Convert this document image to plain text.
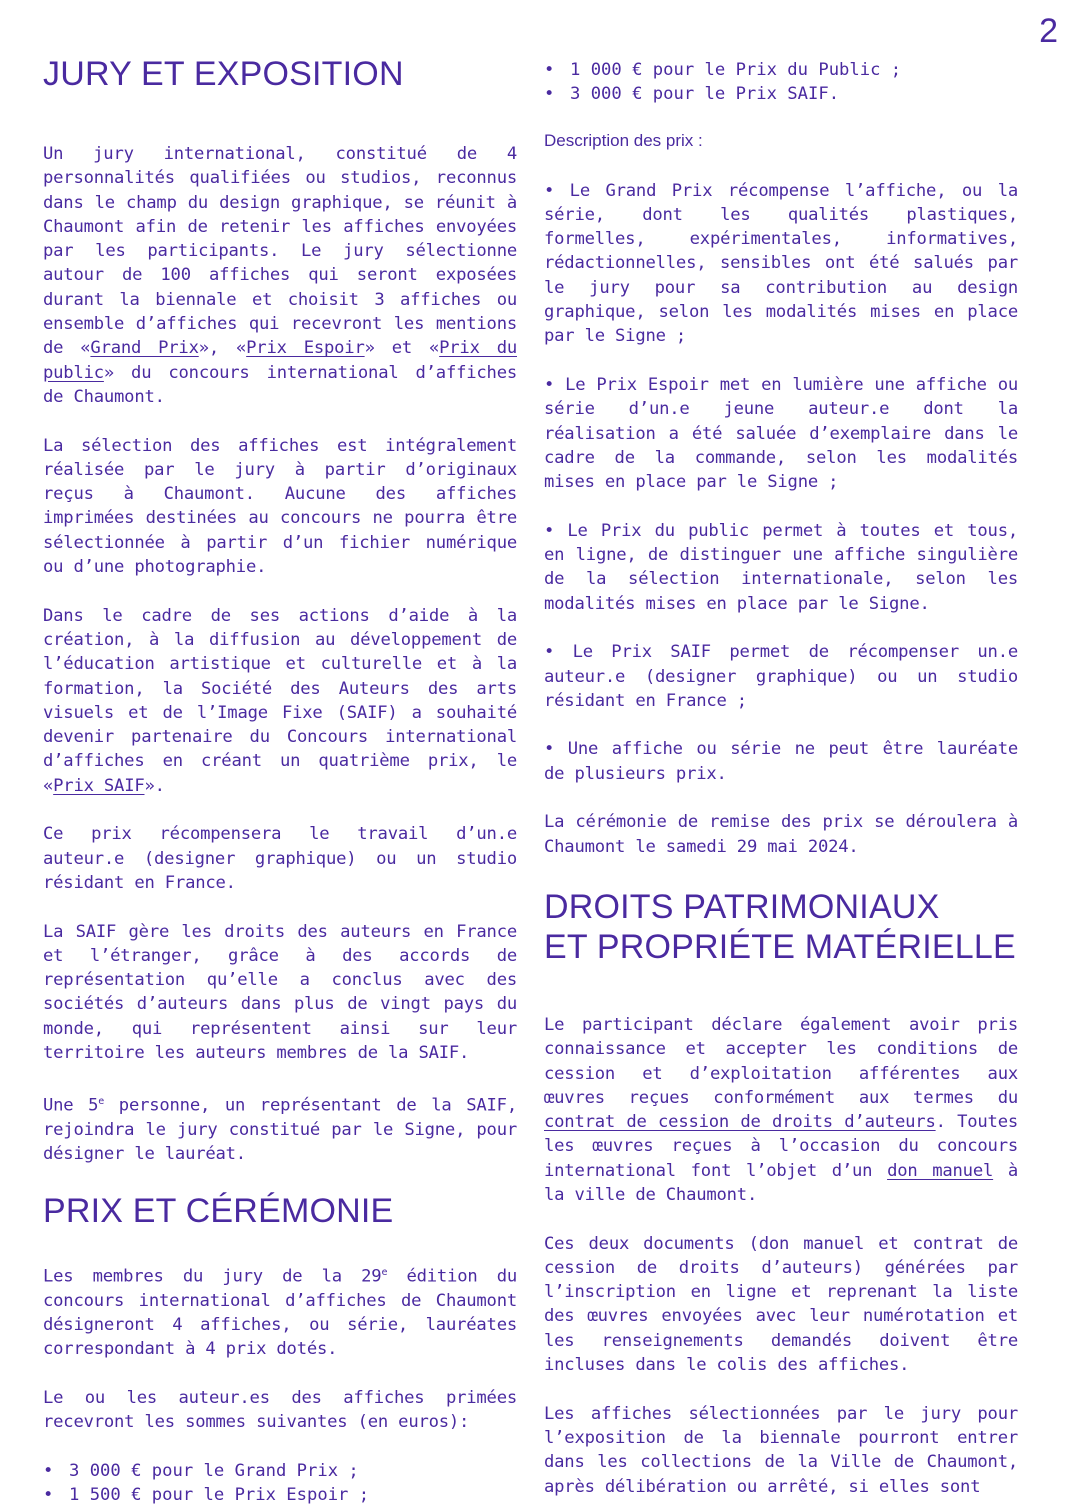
2
JURY ET EXPOSITION

Un jury international, constitué de 4 personnalités qualifiées ou studios, reconnus dans le champ du design graphique, se réunit à Chaumont afin de retenir les affiches envoyées par les participants. Le jury sélectionne autour de 100 affiches qui seront exposées durant la biennale et choisit 3 affiches ou ensemble d’affiches qui recevront les mentions de «Grand Prix», «Prix Espoir» et «Prix du public» du concours international d’affiches de Chaumont.

La sélection des affiches est intégralement réalisée par le jury à partir d’originaux reçus à Chaumont. Aucune des affiches imprimées destinées au concours ne pourra être sélectionnée à partir d’un fichier numérique ou d’une photographie.

Dans le cadre de ses actions d’aide à la création, à la diffusion au développement de l’éducation artistique et culturelle et à la formation, la Société des Auteurs des arts visuels et de l’Image Fixe (SAIF) a souhaité devenir partenaire du Concours international d’affiches en créant un quatrième prix, le «Prix SAIF».

Ce prix récompensera le travail d’un.e auteur.e (designer graphique) ou un studio résidant en France.

La SAIF gère les droits des auteurs en France et l’étranger, grâce à des accords de représentation qu’elle a conclus avec des sociétés d’auteurs dans plus de vingt pays du monde, qui représentent ainsi sur leur territoire les auteurs membres de la SAIF.

Une 5e personne, un représentant de la SAIF, rejoindra le jury constitué par le Signe, pour désigner le lauréat.

PRIX ET CÉRÉMONIE

Les membres du jury de la 29e édition du concours international d’affiches de Chaumont désigneront 4 affiches, ou série, lauréates correspondant à 4 prix dotés.

Le ou les auteur.es des affiches primées recevront les sommes suivantes (en euros):

• 3 000 € pour le Grand Prix ;
• 1 500 € pour le Prix Espoir ;
• 1 000 € pour le Prix du Public ;
• 3 000 € pour le Prix SAIF.
Description des prix :

• Le Grand Prix récompense l’affiche, ou la série, dont les qualités plastiques, formelles, expérimentales, informatives, rédactionnelles, sensibles ont été salués par le jury pour sa contribution au design graphique, selon les modalités mises en place par le Signe ;

• Le Prix Espoir met en lumière une affiche ou série d’un.e jeune auteur.e dont la réalisation a été saluée d’exemplaire dans le cadre de la commande, selon les modalités mises en place par le Signe ;

• Le Prix du public permet à toutes et tous, en ligne, de distinguer une affiche singulière de la sélection internationale, selon les modalités mises en place par le Signe.

• Le Prix SAIF permet de récompenser un.e auteur.e (designer graphique) ou un studio résidant en France ;

• Une affiche ou série ne peut être lauréate de plusieurs prix.

La cérémonie de remise des prix se déroulera à Chaumont le samedi 29 mai 2024.

DROITS PATRIMONIAUX
ET PROPRIÉTE MATÉRIELLE

Le participant déclare également avoir pris connaissance et accepter les conditions de cession et d’exploitation afférentes aux œuvres reçues conformément aux termes du contrat de cession de droits d’auteurs. Toutes les œuvres reçues à l’occasion du concours international font l’objet d’un don manuel à la ville de Chaumont.

Ces deux documents (don manuel et contrat de cession de droits d’auteurs) générées par l’inscription en ligne et reprenant la liste des œuvres envoyées avec leur numérotation et les renseignements demandés doivent être incluses dans le colis des affiches.

Les affiches sélectionnées par le jury pour l’exposition de la biennale pourront entrer dans les collections de la Ville de Chaumont, après délibération ou arrêté, si elles sont
